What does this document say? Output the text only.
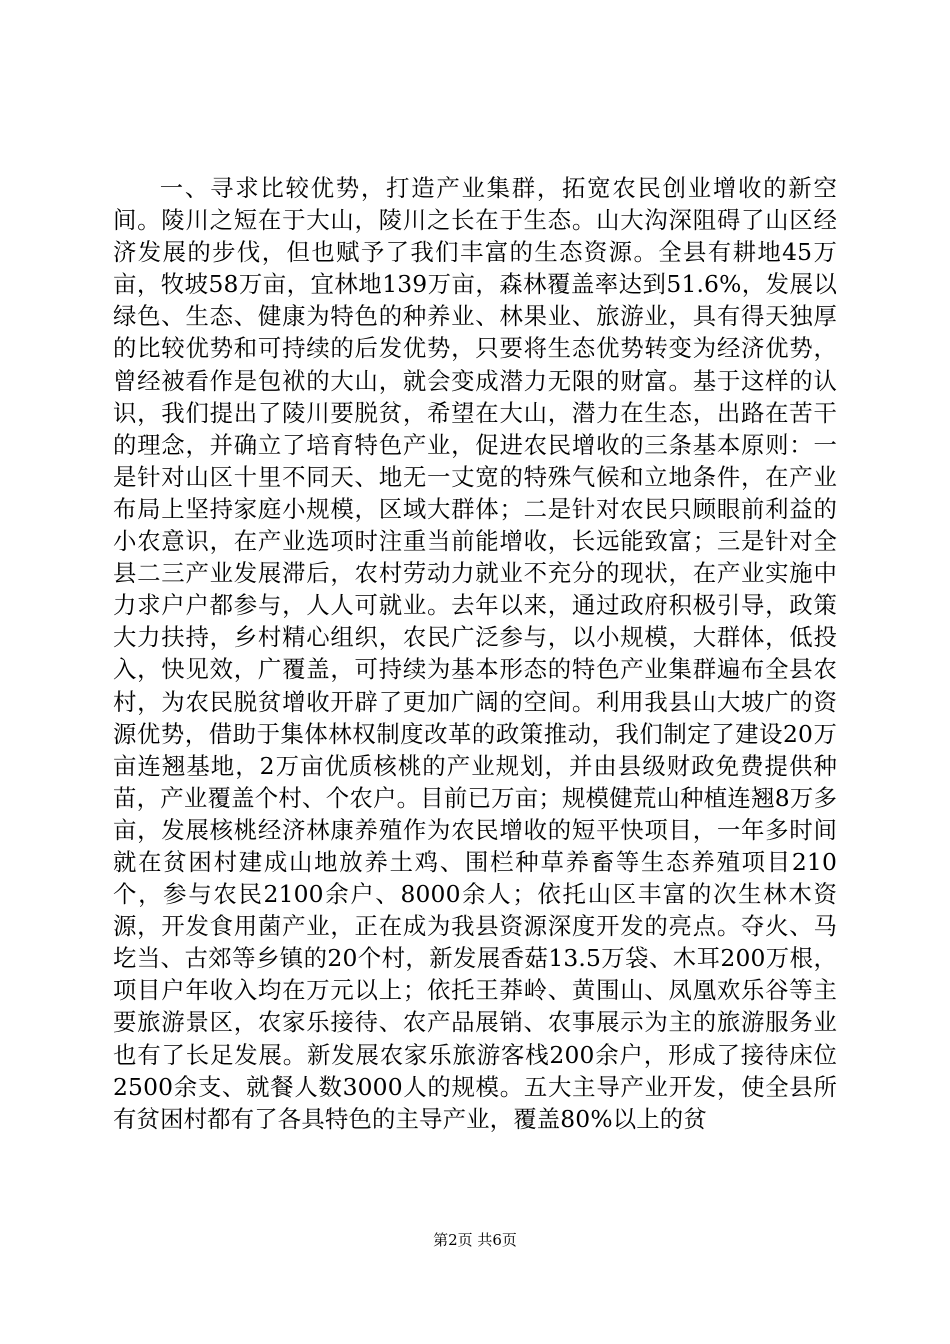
一、寻求比较优势，打造产业集群，拓宽农民创业增收的新空间。陵川之短在于大山，陵川之长在于生态。山大沟深阻碍了山区经济发展的步伐，但也赋予了我们丰富的生态资源。全县有耕地45万亩，牧坡58万亩，宜林地139万亩，森林覆盖率达到51.6%，发展以绿色、生态、健康为特色的种养业、林果业、旅游业，具有得天独厚的比较优势和可持续的后发优势，只要将生态优势转变为经济优势，曾经被看作是包袱的大山，就会变成潜力无限的财富。基于这样的认识，我们提出了陵川要脱贫，希望在大山，潜力在生态，出路在苦干的理念，并确立了培育特色产业，促进农民增收的三条基本原则：一是针对山区十里不同天、地无一丈宽的特殊气候和立地条件，在产业布局上坚持家庭小规模，区域大群体；二是针对农民只顾眼前利益的小农意识，在产业选项时注重当前能增收，长远能致富；三是针对全县二三产业发展滞后，农村劳动力就业不充分的现状，在产业实施中力求户户都参与，人人可就业。去年以来，通过政府积极引导，政策大力扶持，乡村精心组织，农民广泛参与，以小规模，大群体，低投入，快见效，广覆盖，可持续为基本形态的特色产业集群遍布全县农村，为农民脱贫增收开辟了更加广阔的空间。利用我县山大坡广的资源优势，借助于集体林权制度改革的政策推动，我们制定了建设20万亩连翘基地，2万亩优质核桃的产业规划，并由县级财政免费提供种苗，产业覆盖个村、个农户。目前已万亩；规模健荒山种植连翘8万多亩，发展核桃经济林康养殖作为农民增收的短平快项目，一年多时间就在贫困村建成山地放养土鸡、围栏种草养畜等生态养殖项目210个，参与农民2100余户、8000余人；依托山区丰富的次生林木资源，开发食用菌产业，正在成为我县资源深度开发的亮点。夺火、马圪当、古郊等乡镇的20个村，新发展香菇13.5万袋、木耳200万根，项目户年收入均在万元以上；依托王莽岭、黄围山、凤凰欢乐谷等主要旅游景区，农家乐接待、农产品展销、农事展示为主的旅游服务业也有了长足发展。新发展农家乐旅游客栈200余户，形成了接待床位2500余支、就餐人数3000人的规模。五大主导产业开发，使全县所有贫困村都有了各具特色的主导产业，覆盖80%以上的贫

第2页 共6页
